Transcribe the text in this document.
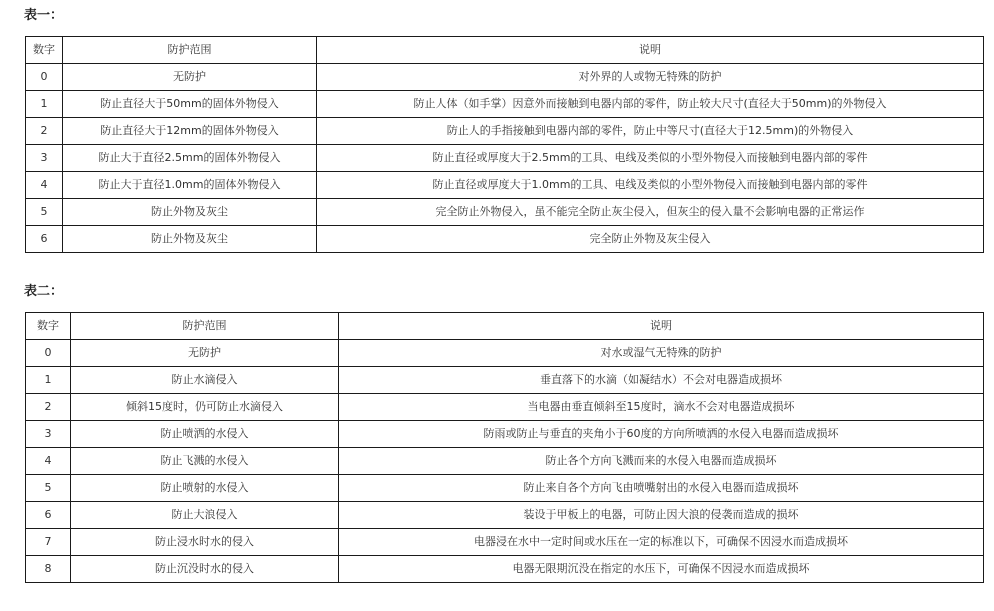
表一：
数字	防护范围	说明
0	无防护	对外界的人或物无特殊的防护
1	防止直径大于50mm的固体外物侵入	防止人体（如手掌）因意外而接触到电器内部的零件，防止较大尺寸(直径大于50mm)的外物侵入
2	防止直径大于12mm的固体外物侵入	防止人的手指接触到电器内部的零件，防止中等尺寸(直径大于12.5mm)的外物侵入
3	防止大于直径2.5mm的固体外物侵入	防止直径或厚度大于2.5mm的工具、电线及类似的小型外物侵入而接触到电器内部的零件
4	防止大于直径1.0mm的固体外物侵入	防止直径或厚度大于1.0mm的工具、电线及类似的小型外物侵入而接触到电器内部的零件
5	防止外物及灰尘	完全防止外物侵入，虽不能完全防止灰尘侵入，但灰尘的侵入量不会影响电器的正常运作
6	防止外物及灰尘	完全防止外物及灰尘侵入
表二：
数字	防护范围	说明
0	无防护	对水或湿气无特殊的防护
1	防止水滴侵入	垂直落下的水滴（如凝结水）不会对电器造成损坏
2	倾斜15度时，仍可防止水滴侵入	当电器由垂直倾斜至15度时，滴水不会对电器造成损坏
3	防止喷洒的水侵入	防雨或防止与垂直的夹角小于60度的方向所喷洒的水侵入电器而造成损坏
4	防止飞溅的水侵入	防止各个方向飞溅而来的水侵入电器而造成损坏
5	防止喷射的水侵入	防止来自各个方向飞由喷嘴射出的水侵入电器而造成损坏
6	防止大浪侵入	装设于甲板上的电器，可防止因大浪的侵袭而造成的损坏
7	防止浸水时水的侵入	电器浸在水中一定时间或水压在一定的标准以下，可确保不因浸水而造成损坏
8	防止沉没时水的侵入	电器无限期沉没在指定的水压下，可确保不因浸水而造成损坏
